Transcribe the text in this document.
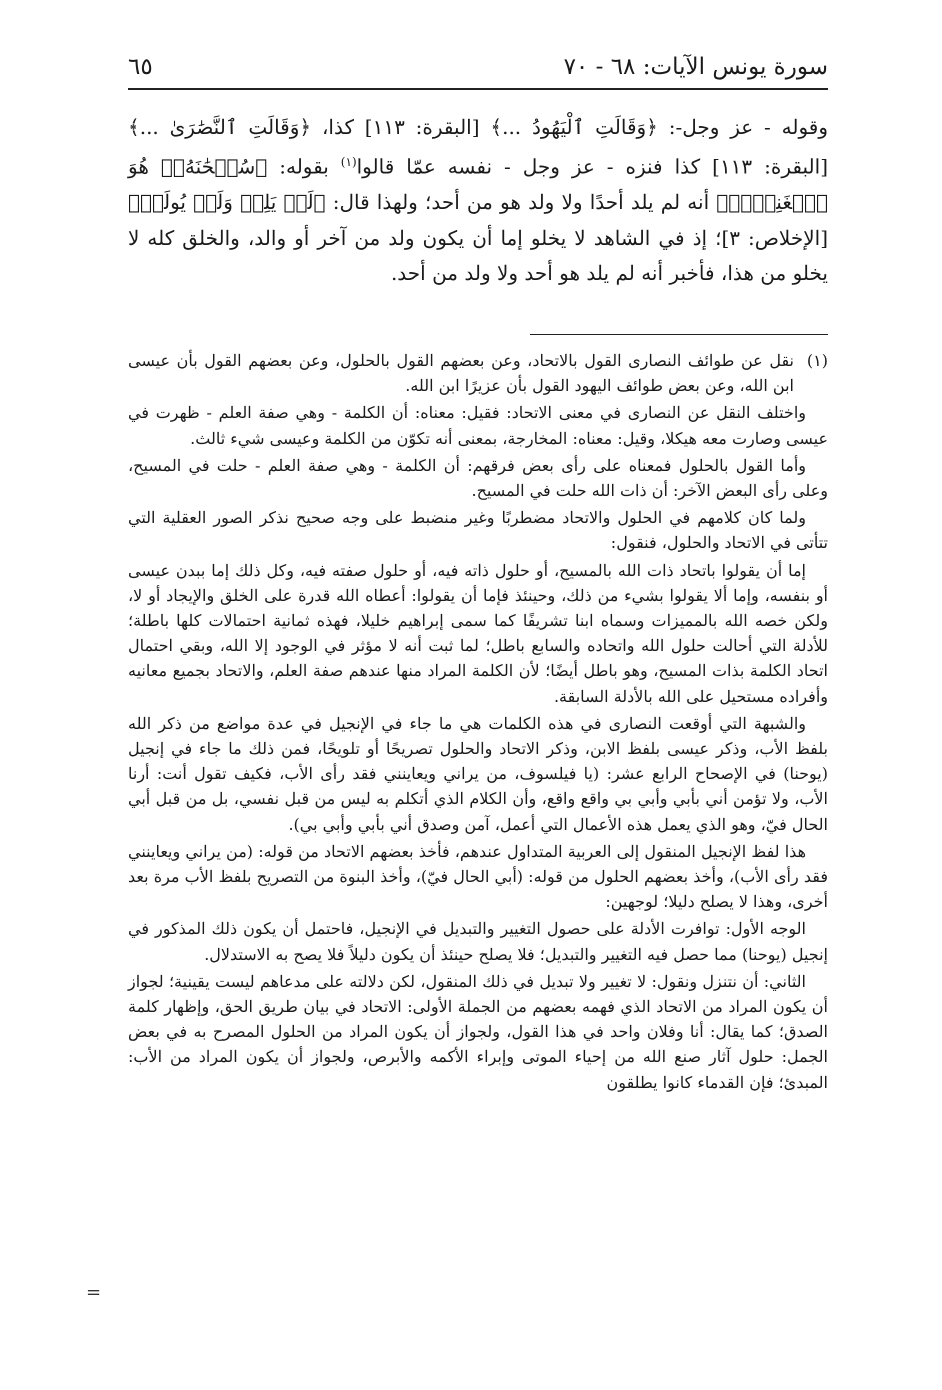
سورة يونس الآيات: ٦٨ - ٧٠
٦٥

وقوله - عز وجل-: ﴿وَقَالَتِ ٱلْيَهُودُ ...﴾ [البقرة: ١١٣] كذا، ﴿وَقَالَتِ ٱلنَّصَٰرَىٰ ...﴾ [البقرة: ١١٣] كذا فنزه - عز وجل - نفسه عمّا قالوا$^{(١)}$ بقوله: ﴿سُبۡحَٰنَهُۥۖ هُوَ ٱلۡغَنِيُّۖ﴾ أنه لم يلد أحدًا ولا ولد هو من أحد؛ ولهذا قال: ﴿لَمۡ يَلِدۡ وَلَمۡ يُولَدۡ﴾ [الإخلاص: ٣]؛ إذ في الشاهد لا يخلو إما أن يكون ولد من آخر أو والد، والخلق كله لا يخلو من هذا، فأخبر أنه لم يلد هو أحد ولا ولد من أحد.

(١)نقل عن طوائف النصارى القول بالاتحاد، وعن بعضهم القول بالحلول، وعن بعضهم القول بأن عيسى ابن الله، وعن بعض طوائف اليهود القول بأن عزيرًا ابن الله.

واختلف النقل عن النصارى في معنى الاتحاد: فقيل: معناه: أن الكلمة - وهي صفة العلم - ظهرت في عيسى وصارت معه هيكلا، وقيل: معناه: المخارجة، بمعنى أنه تكوّن من الكلمة وعيسى شيء ثالث.

وأما القول بالحلول فمعناه على رأى بعض فرقهم: أن الكلمة - وهي صفة العلم - حلت في المسيح، وعلى رأى البعض الآخر: أن ذات الله حلت في المسيح.

ولما كان كلامهم في الحلول والاتحاد مضطربًا وغير منضبط على وجه صحيح نذكر الصور العقلية التي تتأتى في الاتحاد والحلول، فنقول:

إما أن يقولوا باتحاد ذات الله بالمسيح، أو حلول ذاته فيه، أو حلول صفته فيه، وكل ذلك إما ببدن عيسى أو بنفسه، وإما ألا يقولوا بشيء من ذلك، وحينئذ فإما أن يقولوا: أعطاه الله قدرة على الخلق والإيجاد أو لا، ولكن خصه الله بالمميزات وسماه ابنا تشريفًا كما سمى إبراهيم خليلا، فهذه ثمانية احتمالات كلها باطلة؛ للأدلة التي أحالت حلول الله واتحاده والسابع باطل؛ لما ثبت أنه لا مؤثر في الوجود إلا الله، وبقي احتمال اتحاد الكلمة بذات المسيح، وهو باطل أيضًا؛ لأن الكلمة المراد منها عندهم صفة العلم، والاتحاد بجميع معانيه وأفراده مستحيل على الله بالأدلة السابقة.

والشبهة التي أوقعت النصارى في هذه الكلمات هي ما جاء في الإنجيل في عدة مواضع من ذكر الله بلفظ الأب، وذكر عيسى بلفظ الابن، وذكر الاتحاد والحلول تصريحًا أو تلويحًا، فمن ذلك ما جاء في إنجيل (يوحنا) في الإصحاح الرابع عشر: (يا فيلسوف، من يراني ويعاينني فقد رأى الأب، فكيف تقول أنت: أرنا الأب، ولا تؤمن أني بأبي وأبي بي واقع واقع، وأن الكلام الذي أتكلم به ليس من قبل نفسي، بل من قبل أبي الحال فيّ، وهو الذي يعمل هذه الأعمال التي أعمل، آمن وصدق أني بأبي وأبي بي).

هذا لفظ الإنجيل المنقول إلى العربية المتداول عندهم، فأخذ بعضهم الاتحاد من قوله: (من يراني ويعاينني فقد رأى الأب)، وأخذ بعضهم الحلول من قوله: (أبي الحال فيّ)، وأخذ البنوة من التصريح بلفظ الأب مرة بعد أخرى، وهذا لا يصلح دليلا؛ لوجهين:

الوجه الأول: توافرت الأدلة على حصول التغيير والتبديل في الإنجيل، فاحتمل أن يكون ذلك المذكور في إنجيل (يوحنا) مما حصل فيه التغيير والتبديل؛ فلا يصلح حينئذ أن يكون دليلاً فلا يصح به الاستدلال.

الثاني: أن نتنزل ونقول: لا تغيير ولا تبديل في ذلك المنقول، لكن دلالته على مدعاهم ليست يقينية؛ لجواز أن يكون المراد من الاتحاد الذي فهمه بعضهم من الجملة الأولى: الاتحاد في بيان طريق الحق، وإظهار كلمة الصدق؛ كما يقال: أنا وفلان واحد في هذا القول، ولجواز أن يكون المراد من الحلول المصرح به في بعض الجمل: حلول آثار صنع الله من إحياء الموتى وإبراء الأكمه والأبرص، ولجواز أن يكون المراد من الأب: المبدئ؛ فإن القدماء كانوا يطلقون

=
